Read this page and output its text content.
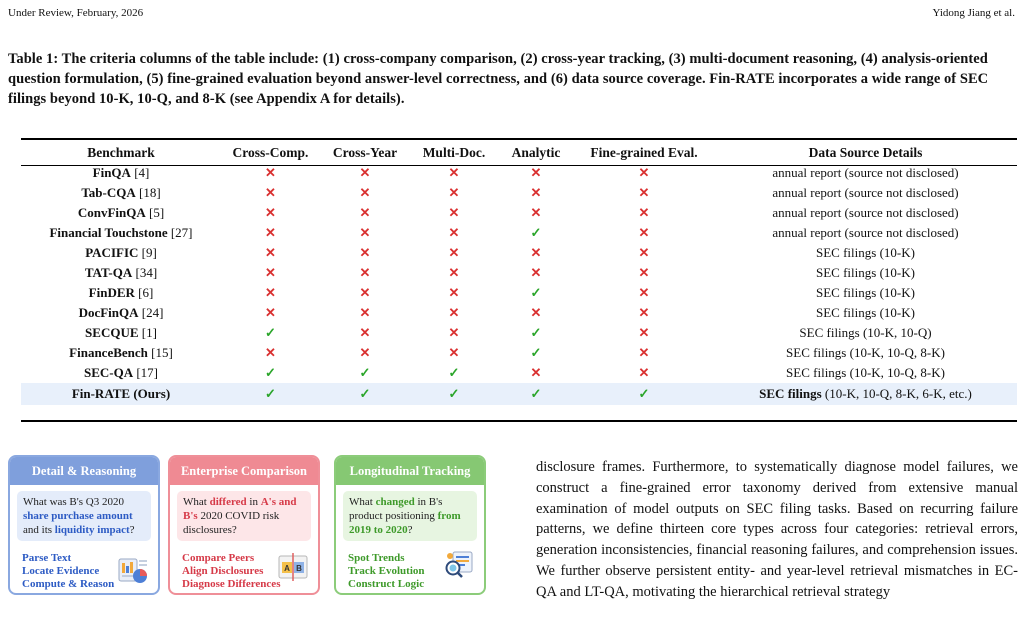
Under Review, February, 2026	Yidong Jiang et al.
Table 1: The criteria columns of the table include: (1) cross-company comparison, (2) cross-year tracking, (3) multi-document reasoning, (4) analysis-oriented question formulation, (5) fine-grained evaluation beyond answer-level correctness, and (6) data source coverage. Fin-RATE incorporates a wide range of SEC filings beyond 10-K, 10-Q, and 8-K (see Appendix A for details).
Benchmark	Cross-Comp.	Cross-Year	Multi-Doc.	Analytic	Fine-grained Eval.	Data Source Details
FinQA [4]	✕	✕	✕	✕	✕	annual report (source not disclosed)
Tab-CQA [18]	✕	✕	✕	✕	✕	annual report (source not disclosed)
ConvFinQA [5]	✕	✕	✕	✕	✕	annual report (source not disclosed)
Financial Touchstone [27]	✕	✕	✕	✓	✕	annual report (source not disclosed)
PACIFIC [9]	✕	✕	✕	✕	✕	SEC filings (10-K)
TAT-QA [34]	✕	✕	✕	✕	✕	SEC filings (10-K)
FinDER [6]	✕	✕	✕	✓	✕	SEC filings (10-K)
DocFinQA [24]	✕	✕	✕	✕	✕	SEC filings (10-K)
SECQUE [1]	✓	✕	✕	✓	✕	SEC filings (10-K, 10-Q)
FinanceBench [15]	✕	✕	✕	✓	✕	SEC filings (10-K, 10-Q, 8-K)
SEC-QA [17]	✓	✓	✓	✕	✕	SEC filings (10-K, 10-Q, 8-K)
Fin-RATE (Ours)	✓	✓	✓	✓	✓	SEC filings (10-K, 10-Q, 8-K, 6-K, etc.)
Detail & Reasoning
What was B's Q3 2020 share purchase amount and its liquidity impact?
Parse Text
Locate Evidence
Compute & Reason
Enterprise Comparison
What differed in A's and B's 2020 COVID risk disclosures?
Compare Peers
Align Disclosures
Diagnose Differences
A B
Longitudinal Tracking
What changed in B's product positioning from 2019 to 2020?
Spot Trends
Track Evolution
Construct Logic
disclosure frames. Furthermore, to systematically diagnose model failures, we construct a fine-grained error taxonomy derived from extensive manual examination of model outputs on SEC filing tasks. Based on recurring failure patterns, we define thirteen core types across four categories: retrieval errors, generation inconsistencies, financial reasoning failures, and comprehension issues. We further observe persistent entity- and year-level retrieval mismatches in EC-QA and LT-QA, motivating the hierarchical retrieval strategy
